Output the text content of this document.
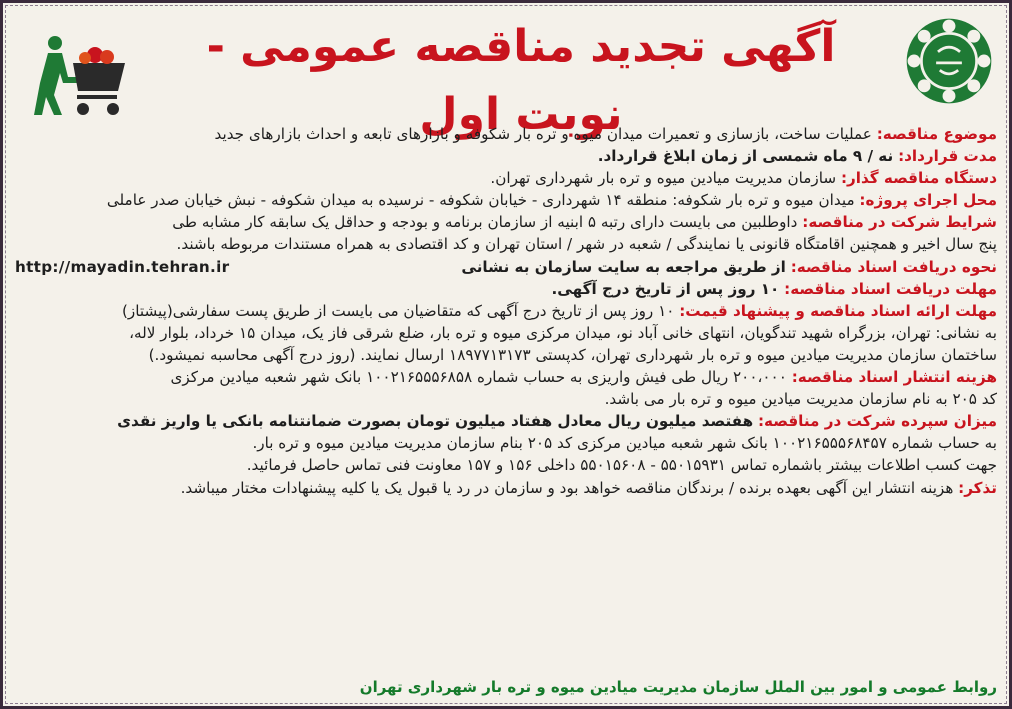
آگهی تجدید مناقصه عمومی - نوبت اول	موضوع مناقصه: عملیات ساخت، بازسازی و تعمیرات میدان میوه و تره بار شکوفه و بازارهای تابعه و احداث بازارهای جدید

مدت قرارداد: نه / ۹ ماه شمسی از زمان ابلاغ قرارداد.

دستگاه مناقصه گذار: سازمان مدیریت میادین میوه و تره بار شهرداری تهران.

محل اجرای پروژه: میدان میوه و تره بار شکوفه: منطقه ۱۴ شهرداری - خیابان شکوفه - نرسیده به میدان شکوفه - نبش خیابان صدر عاملی

شرایط شرکت در مناقصه: داوطلبین می بایست دارای رتبه ۵ ابنیه از سازمان برنامه و بودجه و حداقل یک سابقه کار مشابه طی

پنج سال اخیر و همچنین اقامتگاه قانونی یا نمایندگی / شعبه در شهر / استان تهران و کد اقتصادی به همراه مستندات مربوطه باشند.

نحوه دریافت اسناد مناقصه: از طریق مراجعه به سایت سازمان به نشانی
http://mayadin.tehran.ir

مهلت دریافت اسناد مناقصه: ۱۰ روز پس از تاریخ درج آگهی.

مهلت ارائه اسناد مناقصه و پیشنهاد قیمت: ۱۰ روز پس از تاریخ درج آگهی که متقاضیان می بایست از طریق پست سفارشی(پیشتاز)

به نشانی: تهران، بزرگراه شهید تندگویان، انتهای خانی آباد نو، میدان مرکزی میوه و تره بار، ضلع شرقی فاز یک، میدان ۱۵ خرداد، بلوار لاله،

ساختمان سازمان مدیریت میادین میوه و تره بار شهرداری تهران، کدپستی ۱۸۹۷۷۱۳۱۷۳ ارسال نمایند. (روز درج آگهی محاسبه نمیشود.)

هزینه انتشار اسناد مناقصه: ۲۰۰،۰۰۰ ریال طی فیش واریزی به حساب شماره ۱۰۰۲۱۶۵۵۵۶۸۵۸ بانک شهر شعبه میادین مرکزی

کد ۲۰۵ به نام سازمان مدیریت میادین میوه و تره بار می باشد.

میزان سپرده شرکت در مناقصه: هفتصد میلیون ریال معادل هفتاد میلیون تومان بصورت ضمانتنامه بانکی یا واریز نقدی

به حساب شماره ۱۰۰۲۱۶۵۵۵۶۸۴۵۷ بانک شهر شعبه میادین مرکزی کد ۲۰۵ بنام سازمان مدیریت میادین میوه و تره بار.

جهت کسب اطلاعات بیشتر باشماره تماس ۵۵۰۱۵۹۳۱ - ۵۵۰۱۵۶۰۸ داخلی ۱۵۶ و ۱۵۷ معاونت فنی تماس حاصل فرمائید.

تذکر: هزینه انتشار این آگهی بعهده برنده / برندگان مناقصه خواهد بود و سازمان در رد یا قبول یک یا کلیه پیشنهادات مختار میباشد.

روابط عمومی و امور بین الملل سازمان مدیریت میادین میوه و تره بار شهرداری تهران
